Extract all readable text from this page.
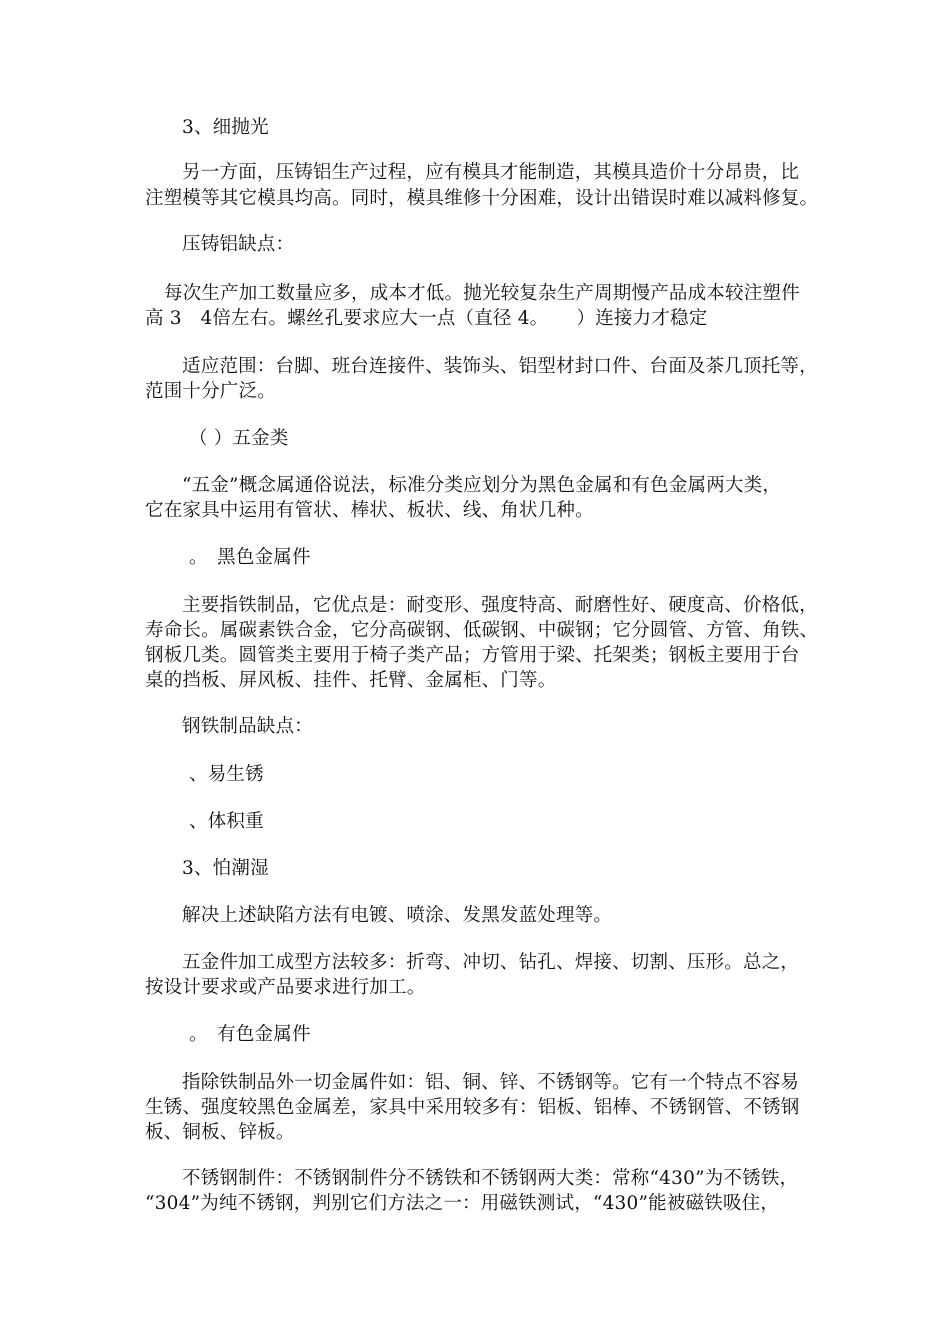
3、细抛光
另一方面，压铸铝生产过程，应有模具才能制造，其模具造价十分昂贵，比
注塑模等其它模具均高。同时，模具维修十分困难，设计出错误时难以减料修复。
压铸铝缺点：
每次生产加工数量应多，成本才低。抛光较复杂生产周期慢产品成本较注塑件
高 3　4倍左右。螺丝孔要求应大一点（直径 4。　　）连接力才稳定
适应范围：台脚、班台连接件、装饰头、铝型材封口件、台面及茶几顶托等，
范围十分广泛。
（ ）五金类
“五金”概念属通俗说法，标准分类应划分为黑色金属和有色金属两大类，
它在家具中运用有管状、棒状、板状、线、角状几种。
。　黑色金属件
主要指铁制品，它优点是：耐变形、强度特高、耐磨性好、硬度高、价格低，
寿命长。属碳素铁合金，它分高碳钢、低碳钢、中碳钢；它分圆管、方管、角铁、
钢板几类。圆管类主要用于椅子类产品；方管用于梁、托架类；钢板主要用于台
桌的挡板、屏风板、挂件、托臂、金属柜、门等。
钢铁制品缺点：
、易生锈
、体积重
3、怕潮湿
解决上述缺陷方法有电镀、喷涂、发黑发蓝处理等。
五金件加工成型方法较多：折弯、冲切、钻孔、焊接、切割、压形。总之，
按设计要求或产品要求进行加工。
。　有色金属件
指除铁制品外一切金属件如：铝、铜、锌、不锈钢等。它有一个特点不容易
生锈、强度较黑色金属差，家具中采用较多有：铝板、铝棒、不锈钢管、不锈钢
板、铜板、锌板。
不锈钢制件：不锈钢制件分不锈铁和不锈钢两大类：常称“430”为不锈铁，
“304”为纯不锈钢，判别它们方法之一：用磁铁测试，“430”能被磁铁吸住，
